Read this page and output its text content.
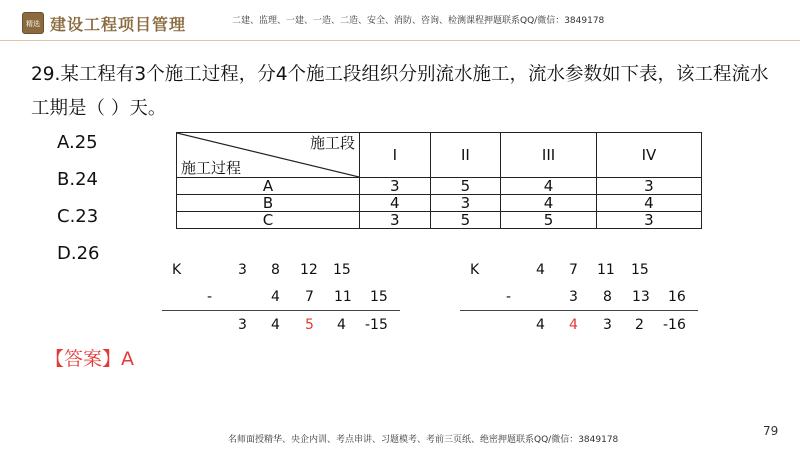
精选 建设工程项目管理	二建、监理、一建、一造、二造、安全、消防、咨询、检测课程押题联系QQ/微信：3849178
29.某工程有3个施工过程，分4个施工段组织分别流水施工，流水参数如下表，该工程流水工期是（ ）天。
A.25
B.24
C.23
D.26
施工段
施工过程	I	II	III	IV
A	3	5	4	3
B	4	3	4	4
C	3	5	5	3
K	3 8 12 15
-	4 7 11 15
3 4 5 4 -15
K	4 7 11 15
-	3 8 13 16
4 4 3 2 -16
【答案】A
79
名师面授精华、央企内训、考点串讲、习题模考、考前三页纸、绝密押题联系QQ/微信：3849178
